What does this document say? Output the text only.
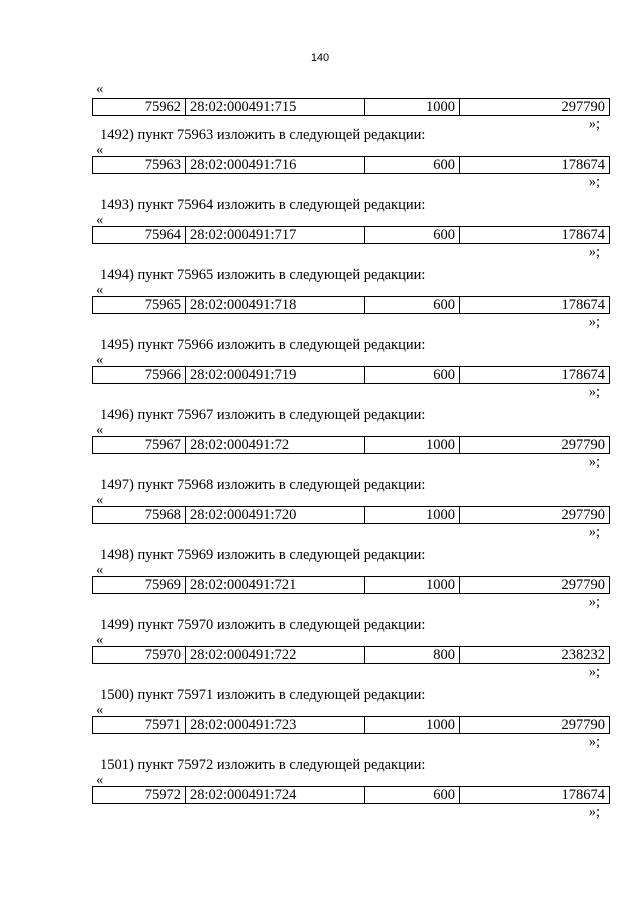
140
«
75962	28:02:000491:715	1000	297790
»;
1492) пункт 75963 изложить в следующей редакции:
«
75963	28:02:000491:716	600	178674
»;
1493) пункт 75964 изложить в следующей редакции:
«
75964	28:02:000491:717	600	178674
»;
1494) пункт 75965 изложить в следующей редакции:
«
75965	28:02:000491:718	600	178674
»;
1495) пункт 75966 изложить в следующей редакции:
«
75966	28:02:000491:719	600	178674
»;
1496) пункт 75967 изложить в следующей редакции:
«
75967	28:02:000491:72	1000	297790
»;
1497) пункт 75968 изложить в следующей редакции:
«
75968	28:02:000491:720	1000	297790
»;
1498) пункт 75969 изложить в следующей редакции:
«
75969	28:02:000491:721	1000	297790
»;
1499) пункт 75970 изложить в следующей редакции:
«
75970	28:02:000491:722	800	238232
»;
1500) пункт 75971 изложить в следующей редакции:
«
75971	28:02:000491:723	1000	297790
»;
1501) пункт 75972 изложить в следующей редакции:
«
75972	28:02:000491:724	600	178674
»;
